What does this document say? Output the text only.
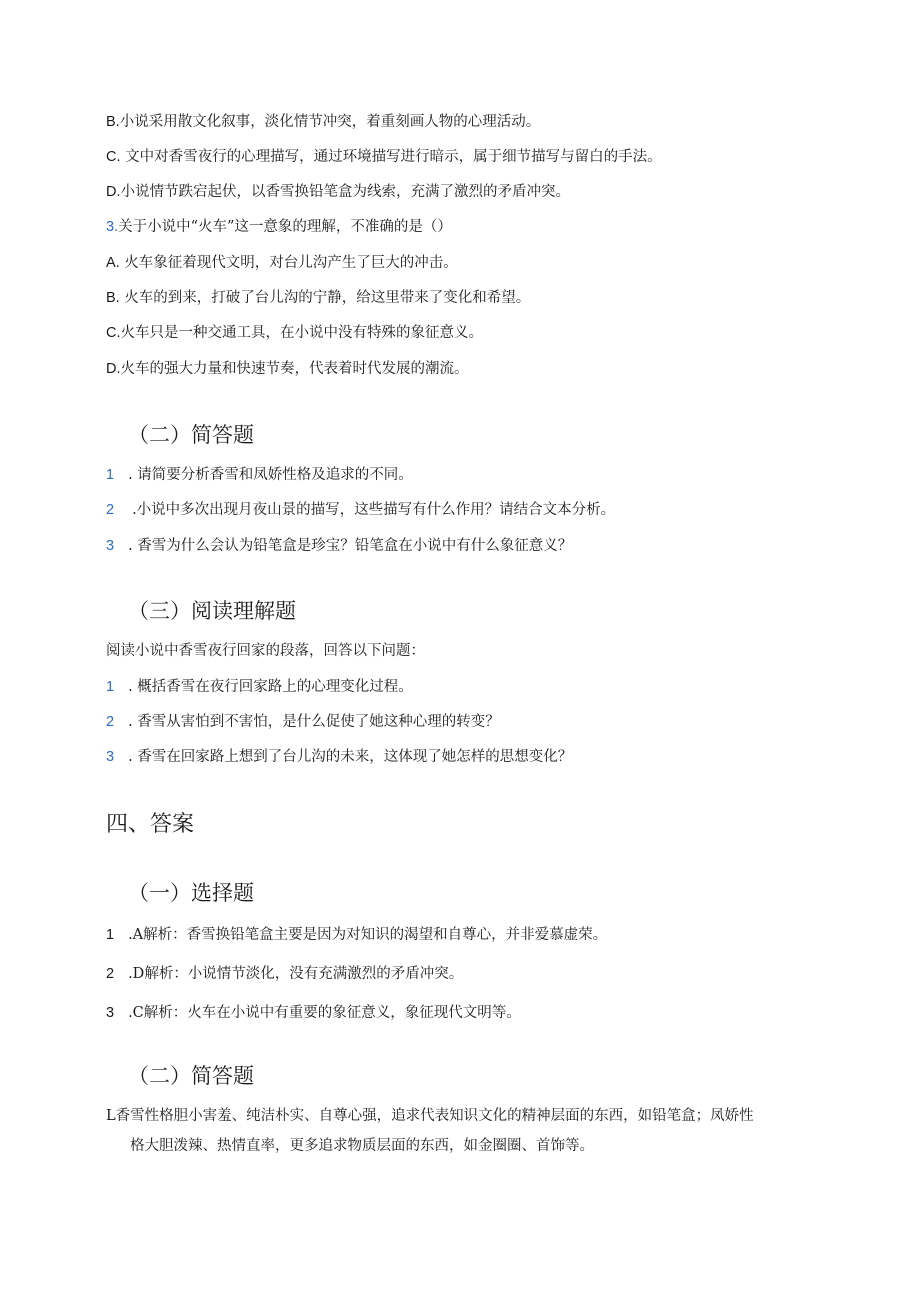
B.小说采用散文化叙事，淡化情节冲突，着重刻画人物的心理活动。
C. 文中对香雪夜行的心理描写，通过环境描写进行暗示，属于细节描写与留白的手法。
D.小说情节跌宕起伏，以香雪换铅笔盒为线索，充满了激烈的矛盾冲突。
3.关于小说中“火车”这一意象的理解，不准确的是（）
A. 火车象征着现代文明，对台儿沟产生了巨大的冲击。
B. 火车的到来，打破了台儿沟的宁静，给这里带来了变化和希望。
C.火车只是一种交通工具，在小说中没有特殊的象征意义。
D.火车的强大力量和快速节奏，代表着时代发展的潮流。
（二）简答题
1 . 请简要分析香雪和凤娇性格及追求的不同。
2 .小说中多次出现月夜山景的描写，这些描写有什么作用？请结合文本分析。
3 . 香雪为什么会认为铅笔盒是珍宝？铅笔盒在小说中有什么象征意义？
（三）阅读理解题
阅读小说中香雪夜行回家的段落，回答以下问题：
1 . 概括香雪在夜行回家路上的心理变化过程。
2 . 香雪从害怕到不害怕，是什么促使了她这种心理的转变？
3 . 香雪在回家路上想到了台儿沟的未来，这体现了她怎样的思想变化？
四、答案
（一）选择题
1 .A解析：香雪换铅笔盒主要是因为对知识的渴望和自尊心，并非爱慕虚荣。
2 .D解析：小说情节淡化，没有充满激烈的矛盾冲突。
3 .C解析：火车在小说中有重要的象征意义，象征现代文明等。
（二）简答题
L香雪性格胆小害羞、纯洁朴实、自尊心强，追求代表知识文化的精神层面的东西，如铅笔盒；凤娇性
格大胆泼辣、热情直率，更多追求物质层面的东西，如金圈圈、首饰等。
